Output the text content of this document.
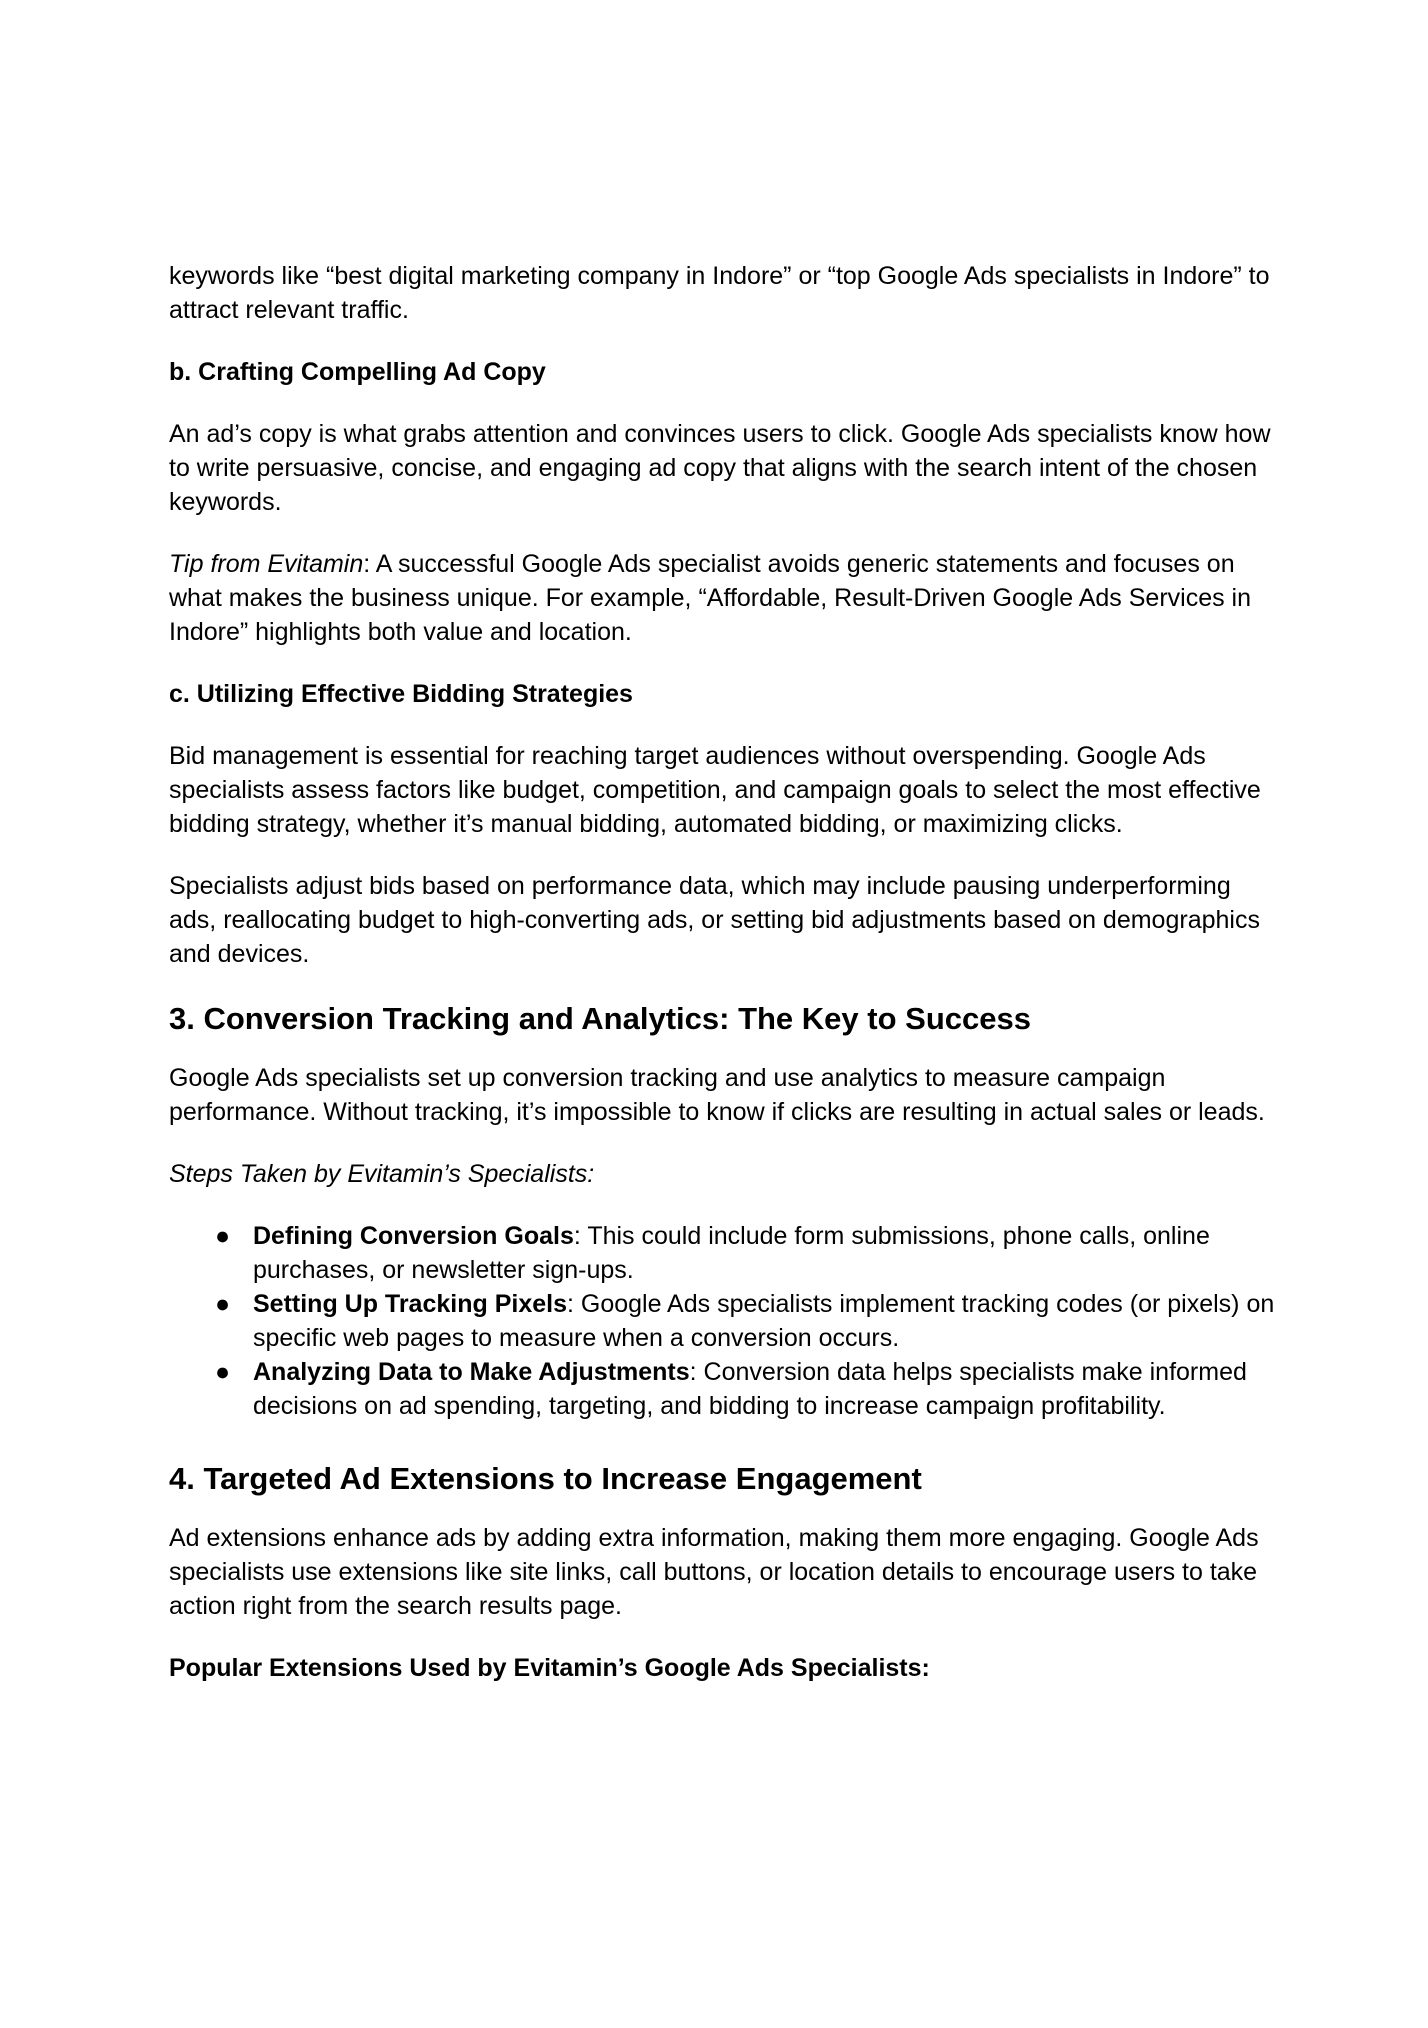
keywords like “best digital marketing company in Indore” or “top Google Ads specialists in Indore” to attract relevant traffic.

b. Crafting Compelling Ad Copy

An ad’s copy is what grabs attention and convinces users to click. Google Ads specialists know how to write persuasive, concise, and engaging ad copy that aligns with the search intent of the chosen keywords.

Tip from Evitamin: A successful Google Ads specialist avoids generic statements and focuses on what makes the business unique. For example, “Affordable, Result-Driven Google Ads Services in Indore” highlights both value and location.

c. Utilizing Effective Bidding Strategies

Bid management is essential for reaching target audiences without overspending. Google Ads specialists assess factors like budget, competition, and campaign goals to select the most effective bidding strategy, whether it’s manual bidding, automated bidding, or maximizing clicks.

Specialists adjust bids based on performance data, which may include pausing underperforming ads, reallocating budget to high-converting ads, or setting bid adjustments based on demographics and devices.

3. Conversion Tracking and Analytics: The Key to Success

Google Ads specialists set up conversion tracking and use analytics to measure campaign performance. Without tracking, it’s impossible to know if clicks are resulting in actual sales or leads.

Steps Taken by Evitamin’s Specialists:

● Defining Conversion Goals: This could include form submissions, phone calls, online purchases, or newsletter sign-ups.
● Setting Up Tracking Pixels: Google Ads specialists implement tracking codes (or pixels) on specific web pages to measure when a conversion occurs.
● Analyzing Data to Make Adjustments: Conversion data helps specialists make informed decisions on ad spending, targeting, and bidding to increase campaign profitability.
4. Targeted Ad Extensions to Increase Engagement

Ad extensions enhance ads by adding extra information, making them more engaging. Google Ads specialists use extensions like site links, call buttons, or location details to encourage users to take action right from the search results page.

Popular Extensions Used by Evitamin’s Google Ads Specialists:
